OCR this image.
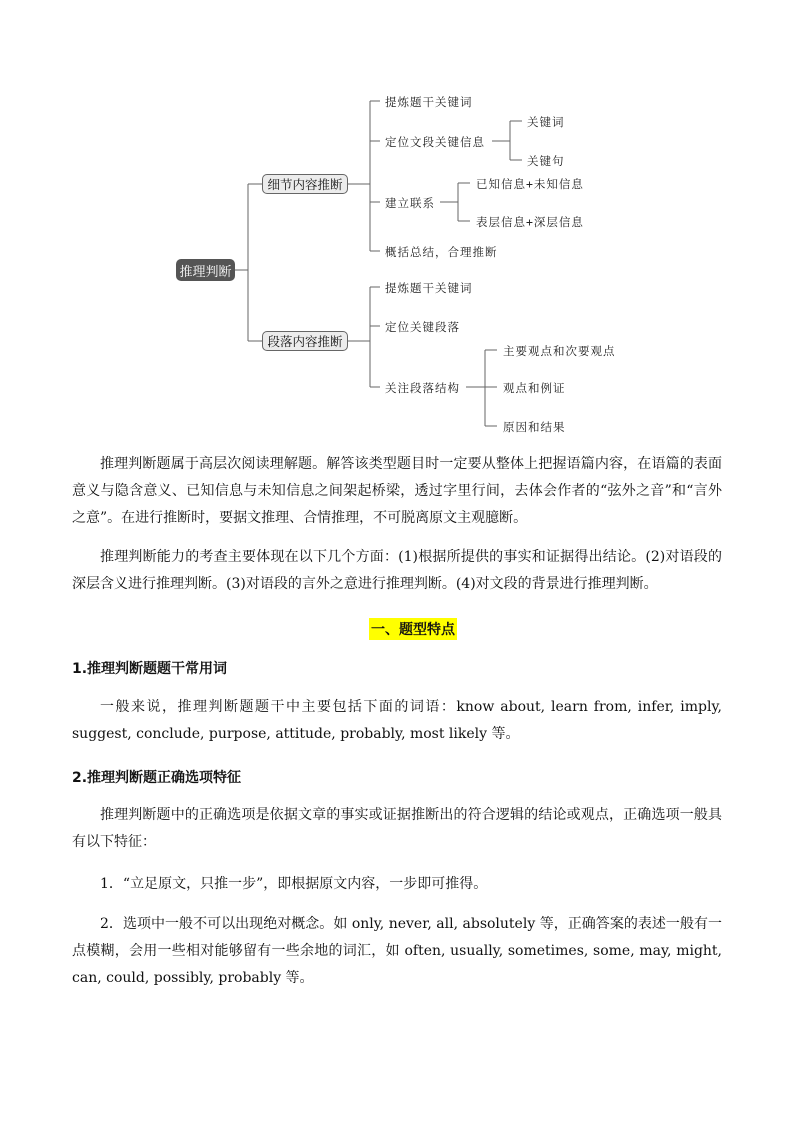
推理判断
细节内容推断
段落内容推断
提炼题干关键词
定位文段关键信息
建立联系
概括总结，合理推断
关键词
关键句
已知信息+未知信息
表层信息+深层信息
提炼题干关键词
定位关键段落
关注段落结构
主要观点和次要观点
观点和例证
原因和结果

推理判断题属于高层次阅读理解题。解答该类型题目时一定要从整体上把握语篇内容，在语篇的表面意义与隐含意义、已知信息与未知信息之间架起桥梁，透过字里行间，去体会作者的“弦外之音”和“言外之意”。在进行推断时，要据文推理、合情推理，不可脱离原文主观臆断。

推理判断能力的考查主要体现在以下几个方面：(1)根据所提供的事实和证据得出结论。(2)对语段的深层含义进行推理判断。(3)对语段的言外之意进行推理判断。(4)对文段的背景进行推理判断。

一、题型特点

1.推理判断题题干常用词

一般来说，推理判断题题干中主要包括下面的词语：know about, learn from, infer, imply, suggest, conclude, purpose, attitude, probably, most likely 等。

2.推理判断题正确选项特征

推理判断题中的正确选项是依据文章的事实或证据推断出的符合逻辑的结论或观点，正确选项一般具有以下特征：

1．“立足原文，只推一步”，即根据原文内容，一步即可推得。

2．选项中一般不可以出现绝对概念。如 only, never, all, absolutely 等，正确答案的表述一般有一点模糊，会用一些相对能够留有一些余地的词汇，如 often, usually, sometimes, some, may, might, can, could, possibly, probably 等。
